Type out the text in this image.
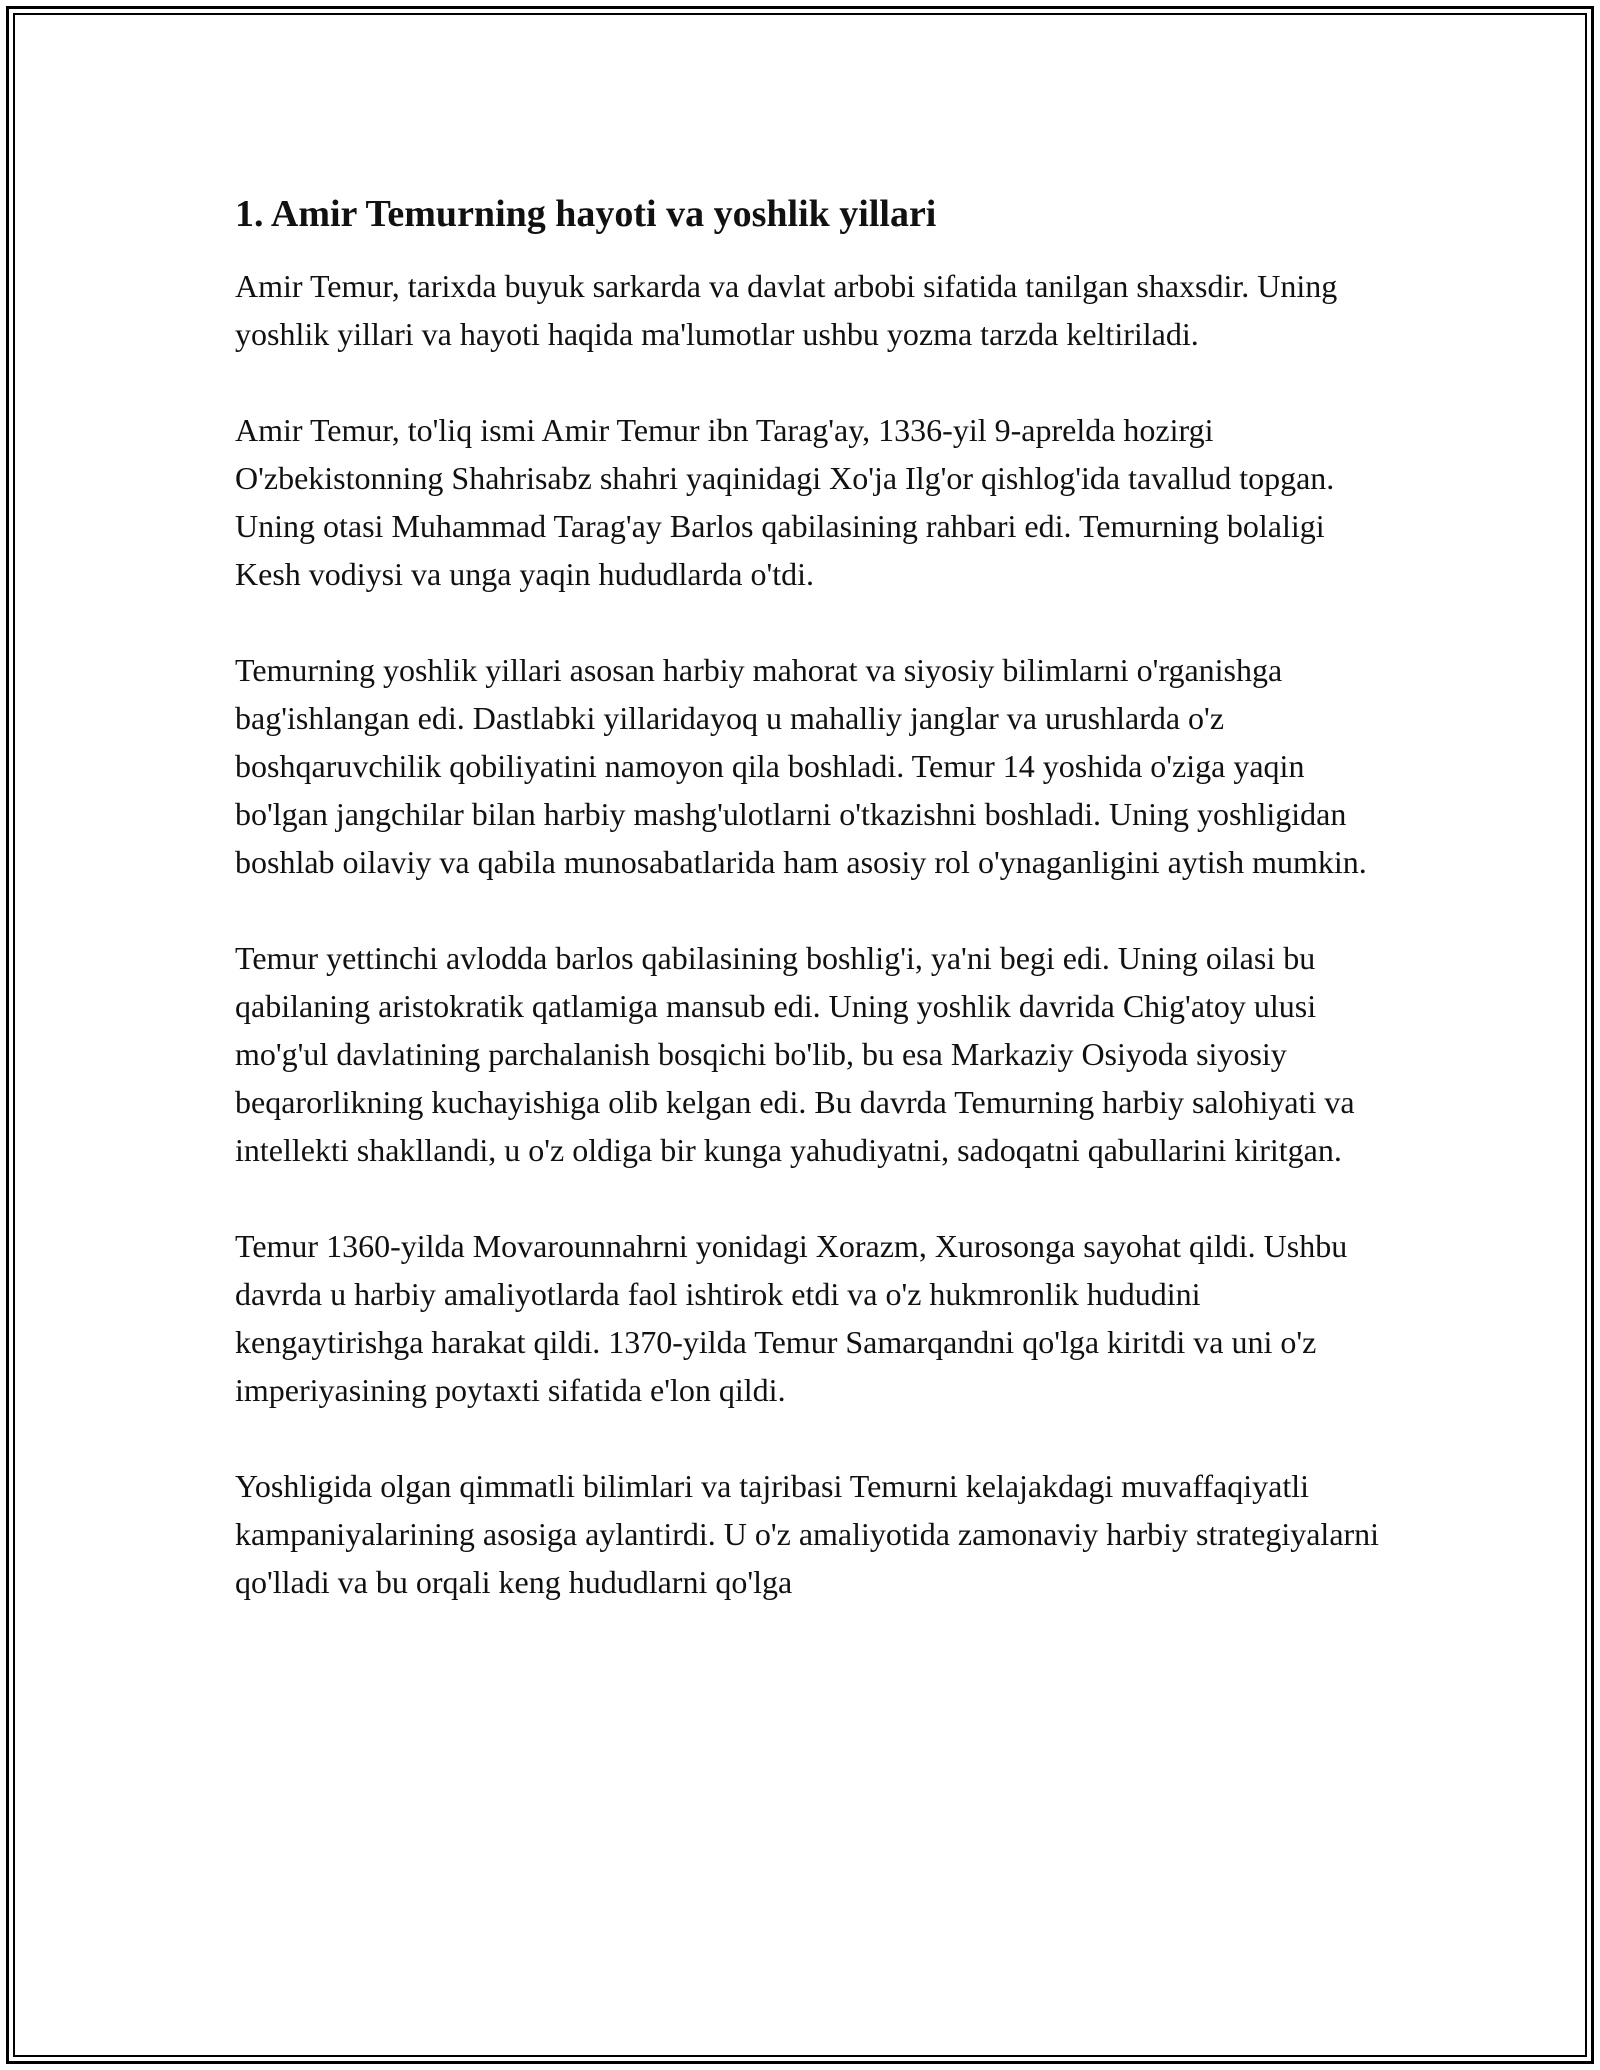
1. Amir Temurning hayoti va yoshlik yillari

Amir Temur, tarixda buyuk sarkarda va davlat arbobi sifatida tanilgan shaxsdir. Uning yoshlik yillari va hayoti haqida ma'lumotlar ushbu yozma tarzda keltiriladi.

Amir Temur, to'liq ismi Amir Temur ibn Tarag'ay, 1336-yil 9-aprelda hozirgi O'zbekistonning Shahrisabz shahri yaqinidagi Xo'ja Ilg'or qishlog'ida tavallud topgan. Uning otasi Muhammad Tarag'ay Barlos qabilasining rahbari edi. Temurning bolaligi Kesh vodiysi va unga yaqin hududlarda o'tdi.

Temurning yoshlik yillari asosan harbiy mahorat va siyosiy bilimlarni o'rganishga bag'ishlangan edi. Dastlabki yillaridayoq u mahalliy janglar va urushlarda o'z boshqaruvchilik qobiliyatini namoyon qila boshladi. Temur 14 yoshida o'ziga yaqin bo'lgan jangchilar bilan harbiy mashg'ulotlarni o'tkazishni boshladi. Uning yoshligidan boshlab oilaviy va qabila munosabatlarida ham asosiy rol o'ynaganligini aytish mumkin.

Temur yettinchi avlodda barlos qabilasining boshlig'i, ya'ni begi edi. Uning oilasi bu qabilaning aristokratik qatlamiga mansub edi. Uning yoshlik davrida Chig'atoy ulusi mo'g'ul davlatining parchalanish bosqichi bo'lib, bu esa Markaziy Osiyoda siyosiy beqarorlikning kuchayishiga olib kelgan edi. Bu davrda Temurning harbiy salohiyati va intellekti shakllandi, u o'z oldiga bir kunga yahudiyatni, sadoqatni qabullarini kiritgan.

Temur 1360-yilda Movarounnahrni yonidagi Xorazm, Xurosonga sayohat qildi. Ushbu davrda u harbiy amaliyotlarda faol ishtirok etdi va o'z hukmronlik hududini kengaytirishga harakat qildi. 1370-yilda Temur Samarqandni qo'lga kiritdi va uni o'z imperiyasining poytaxti sifatida e'lon qildi.

Yoshligida olgan qimmatli bilimlari va tajribasi Temurni kelajakdagi muvaffaqiyatli kampaniyalarining asosiga aylantirdi. U o'z amaliyotida zamonaviy harbiy strategiyalarni qo'lladi va bu orqali keng hududlarni qo'lga
